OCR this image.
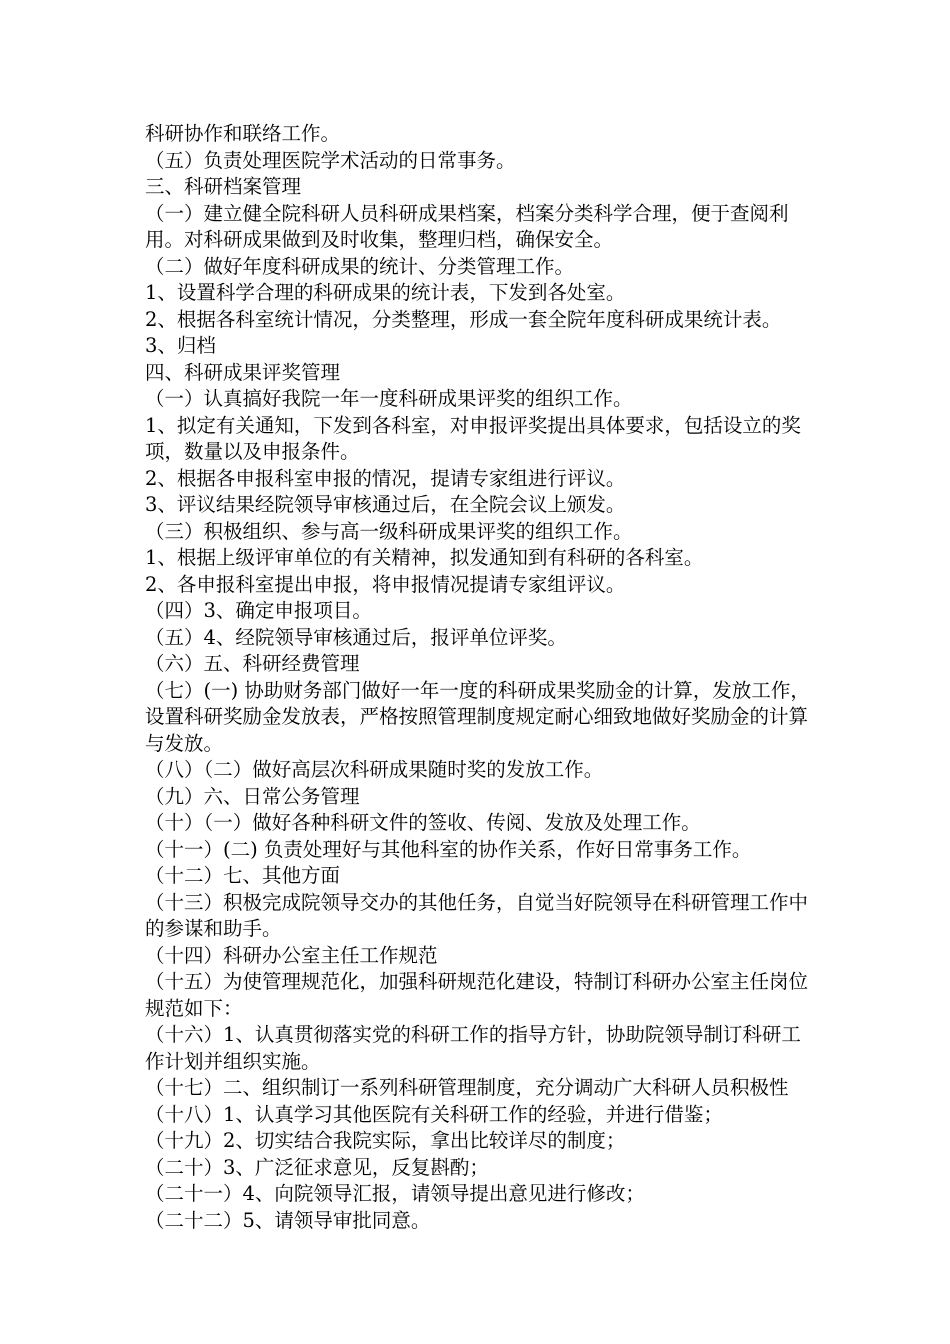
科研协作和联络工作。

（五）负责处理医院学术活动的日常事务。

三、科研档案管理

（一）建立健全院科研人员科研成果档案，档案分类科学合理，便于查阅利用。对科研成果做到及时收集，整理归档，确保安全。

（二）做好年度科研成果的统计、分类管理工作。

1、设置科学合理的科研成果的统计表，下发到各处室。

2、根据各科室统计情况，分类整理，形成一套全院年度科研成果统计表。

3、归档

四、科研成果评奖管理

（一）认真搞好我院一年一度科研成果评奖的组织工作。

1、拟定有关通知，下发到各科室，对申报评奖提出具体要求，包括设立的奖项，数量以及申报条件。

2、根据各申报科室申报的情况，提请专家组进行评议。

3、评议结果经院领导审核通过后，在全院会议上颁发。

（三）积极组织、参与高一级科研成果评奖的组织工作。

1、根据上级评审单位的有关精神，拟发通知到有科研的各科室。

2、各申报科室提出申报，将申报情况提请专家组评议。

（四）3、确定申报项目。

（五）4、经院领导审核通过后，报评单位评奖。

（六）五、科研经费管理

（七）(一) 协助财务部门做好一年一度的科研成果奖励金的计算，发放工作，设置科研奖励金发放表，严格按照管理制度规定耐心细致地做好奖励金的计算与发放。

（八）（二）做好高层次科研成果随时奖的发放工作。

（九）六、日常公务管理

（十）（一）做好各种科研文件的签收、传阅、发放及处理工作。

（十一）(二) 负责处理好与其他科室的协作关系，作好日常事务工作。

（十二）七、其他方面

（十三）积极完成院领导交办的其他任务，自觉当好院领导在科研管理工作中的参谋和助手。

（十四）科研办公室主任工作规范

（十五）为使管理规范化，加强科研规范化建设，特制订科研办公室主任岗位规范如下：

（十六）1、认真贯彻落实党的科研工作的指导方针，协助院领导制订科研工作计划并组织实施。

（十七）二、组织制订一系列科研管理制度，充分调动广大科研人员积极性

（十八）1、认真学习其他医院有关科研工作的经验，并进行借鉴；

（十九）2、切实结合我院实际，拿出比较详尽的制度；

（二十）3、广泛征求意见，反复斟酌；

（二十一）4、向院领导汇报，请领导提出意见进行修改；

（二十二）5、请领导审批同意。
